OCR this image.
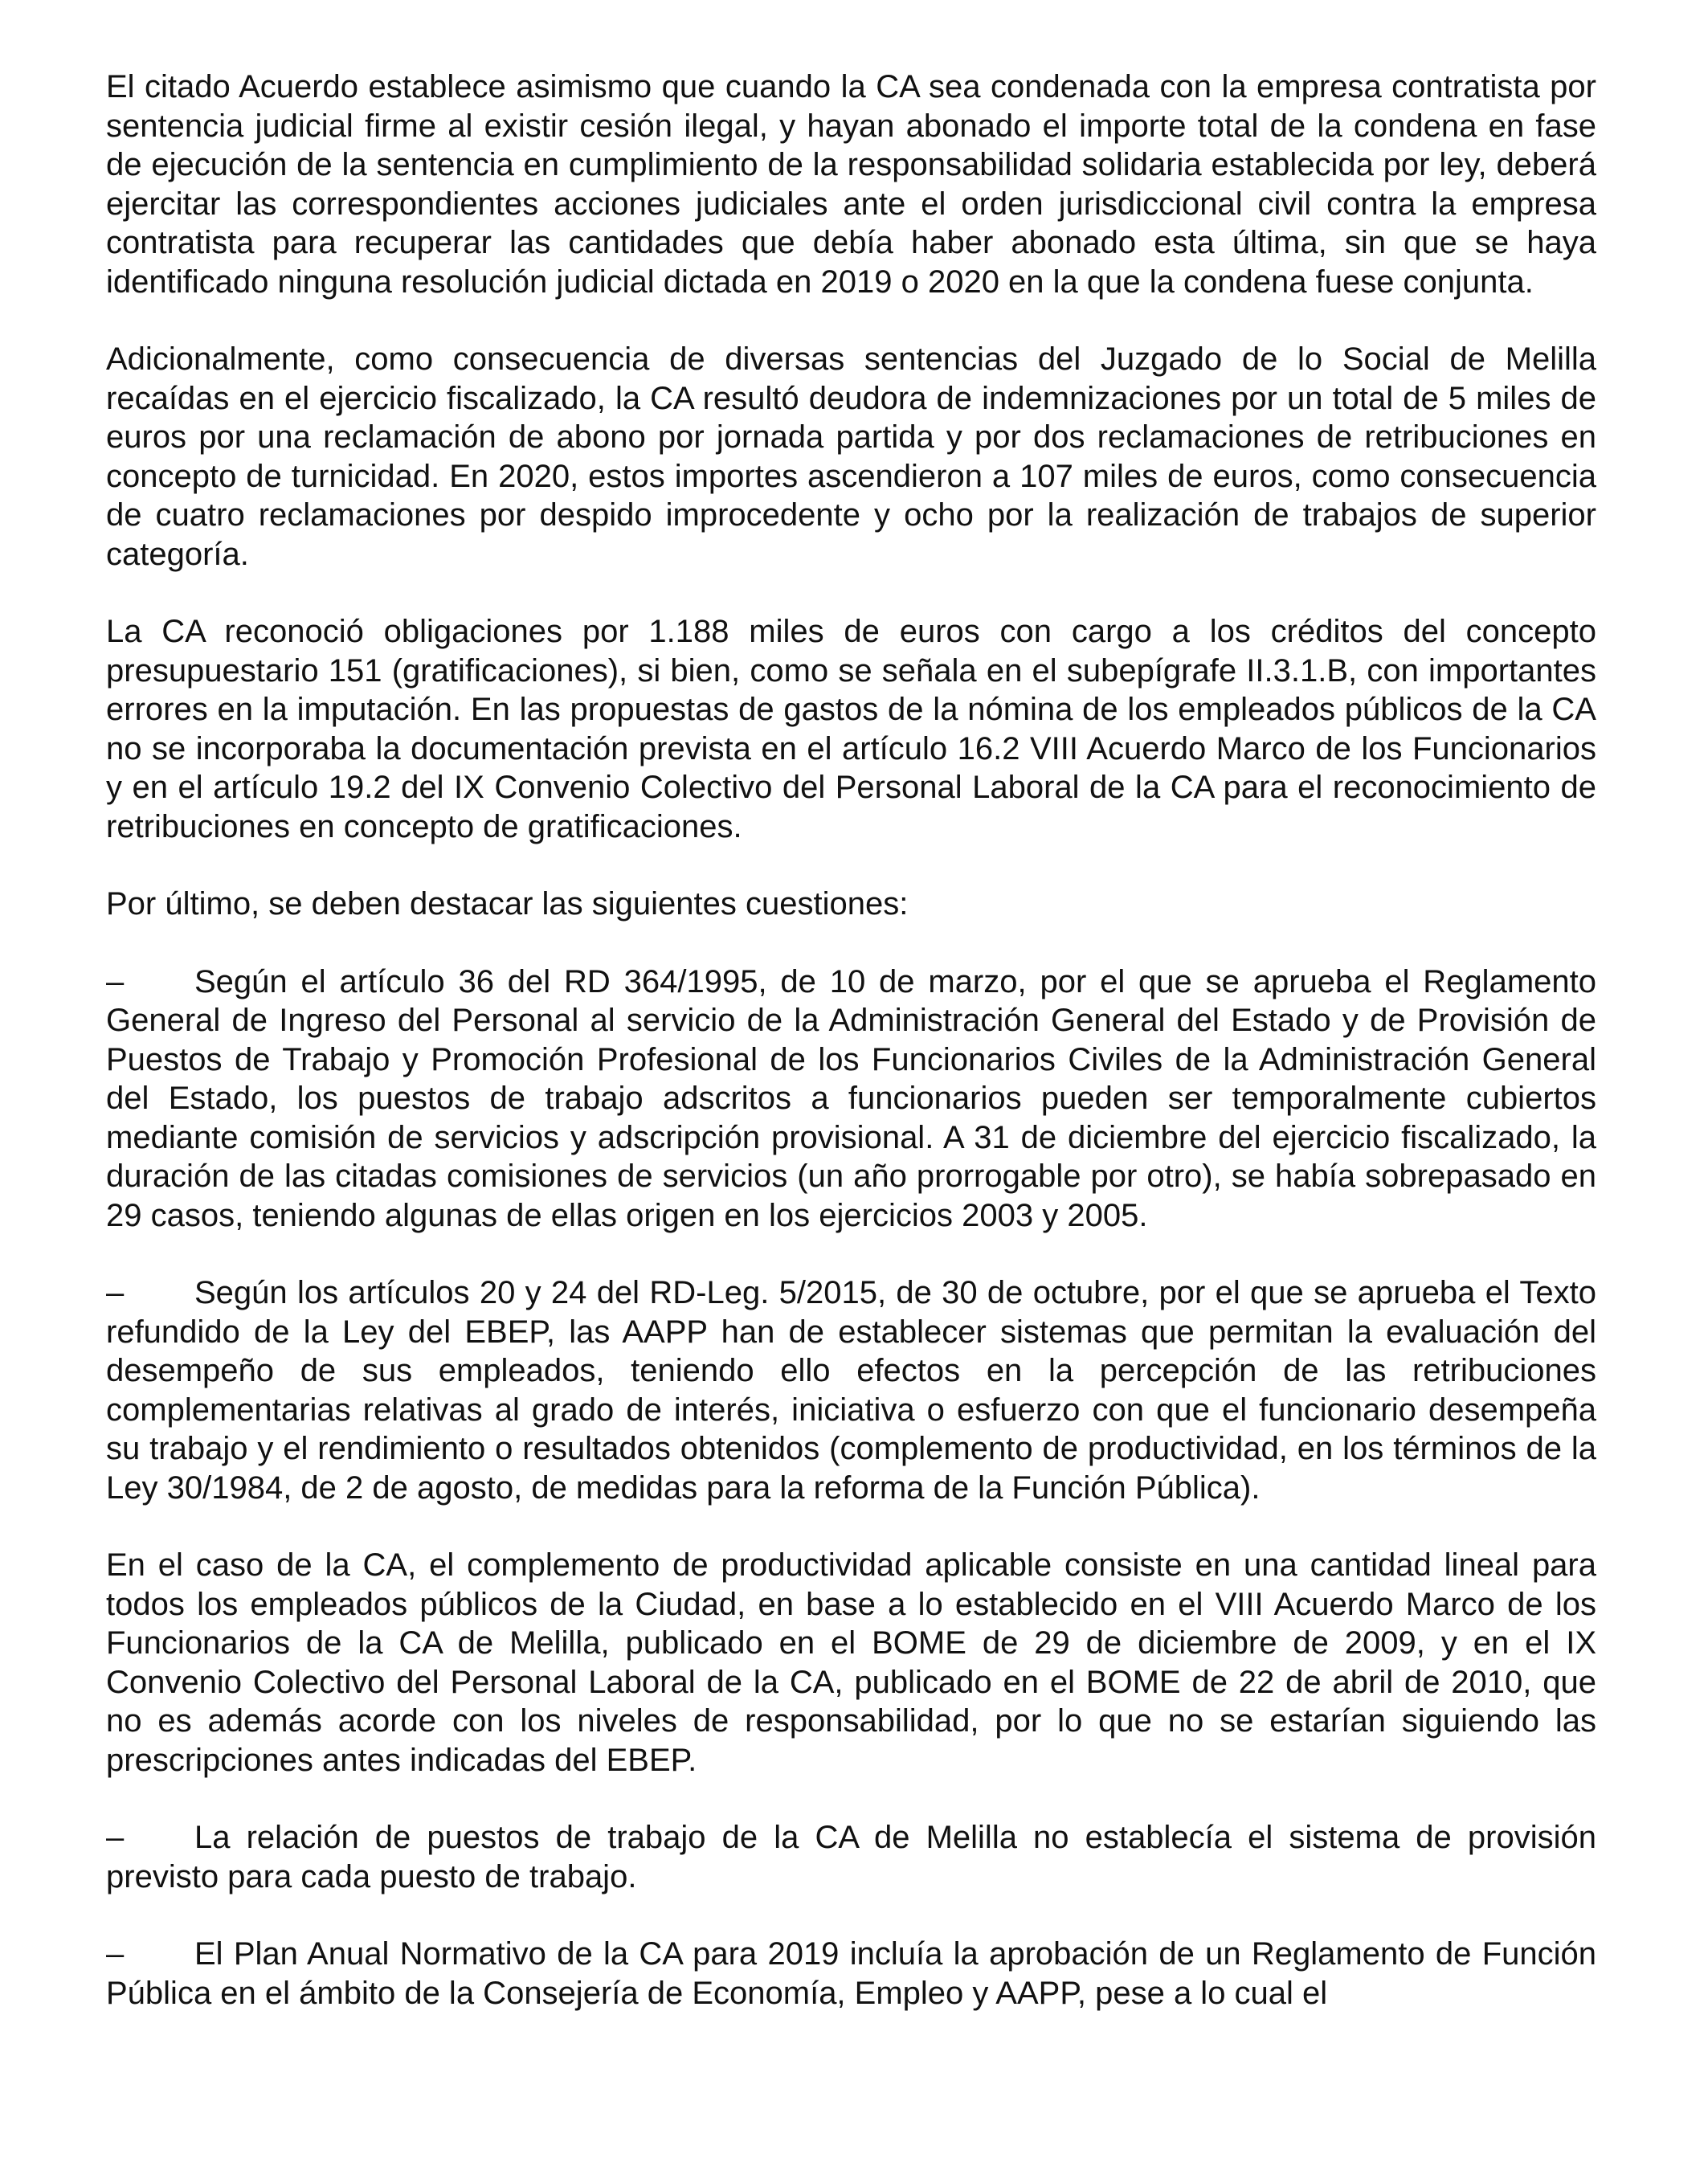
El citado Acuerdo establece asimismo que cuando la CA sea condenada con la empresa contratista por sentencia judicial firme al existir cesión ilegal, y hayan abonado el importe total de la condena en fase de ejecución de la sentencia en cumplimiento de la responsabilidad solidaria establecida por ley, deberá ejercitar las correspondientes acciones judiciales ante el orden jurisdiccional civil contra la empresa contratista para recuperar las cantidades que debía haber abonado esta última, sin que se haya identificado ninguna resolución judicial dictada en 2019 o 2020 en la que la condena fuese conjunta.

Adicionalmente, como consecuencia de diversas sentencias del Juzgado de lo Social de Melilla recaídas en el ejercicio fiscalizado, la CA resultó deudora de indemnizaciones por un total de 5 miles de euros por una reclamación de abono por jornada partida y por dos reclamaciones de retribuciones en concepto de turnicidad. En 2020, estos importes ascendieron a 107 miles de euros, como consecuencia de cuatro reclamaciones por despido improcedente y ocho por la realización de trabajos de superior categoría.

La CA reconoció obligaciones por 1.188 miles de euros con cargo a los créditos del concepto presupuestario 151 (gratificaciones), si bien, como se señala en el subepígrafe II.3.1.B, con importantes errores en la imputación. En las propuestas de gastos de la nómina de los empleados públicos de la CA no se incorporaba la documentación prevista en el artículo 16.2 VIII Acuerdo Marco de los Funcionarios y en el artículo 19.2 del IX Convenio Colectivo del Personal Laboral de la CA para el reconocimiento de retribuciones en concepto de gratificaciones.

Por último, se deben destacar las siguientes cuestiones:

– Según el artículo 36 del RD 364/1995, de 10 de marzo, por el que se aprueba el Reglamento General de Ingreso del Personal al servicio de la Administración General del Estado y de Provisión de Puestos de Trabajo y Promoción Profesional de los Funcionarios Civiles de la Administración General del Estado, los puestos de trabajo adscritos a funcionarios pueden ser temporalmente cubiertos mediante comisión de servicios y adscripción provisional. A 31 de diciembre del ejercicio fiscalizado, la duración de las citadas comisiones de servicios (un año prorrogable por otro), se había sobrepasado en 29 casos, teniendo algunas de ellas origen en los ejercicios 2003 y 2005.

– Según los artículos 20 y 24 del RD-Leg. 5/2015, de 30 de octubre, por el que se aprueba el Texto refundido de la Ley del EBEP, las AAPP han de establecer sistemas que permitan la evaluación del desempeño de sus empleados, teniendo ello efectos en la percepción de las retribuciones complementarias relativas al grado de interés, iniciativa o esfuerzo con que el funcionario desempeña su trabajo y el rendimiento o resultados obtenidos (complemento de productividad, en los términos de la Ley 30/1984, de 2 de agosto, de medidas para la reforma de la Función Pública).

En el caso de la CA, el complemento de productividad aplicable consiste en una cantidad lineal para todos los empleados públicos de la Ciudad, en base a lo establecido en el VIII Acuerdo Marco de los Funcionarios de la CA de Melilla, publicado en el BOME de 29 de diciembre de 2009, y en el IX Convenio Colectivo del Personal Laboral de la CA, publicado en el BOME de 22 de abril de 2010, que no es además acorde con los niveles de responsabilidad, por lo que no se estarían siguiendo las prescripciones antes indicadas del EBEP.

– La relación de puestos de trabajo de la CA de Melilla no establecía el sistema de provisión previsto para cada puesto de trabajo.

– El Plan Anual Normativo de la CA para 2019 incluía la aprobación de un Reglamento de Función Pública en el ámbito de la Consejería de Economía, Empleo y AAPP, pese a lo cual el
